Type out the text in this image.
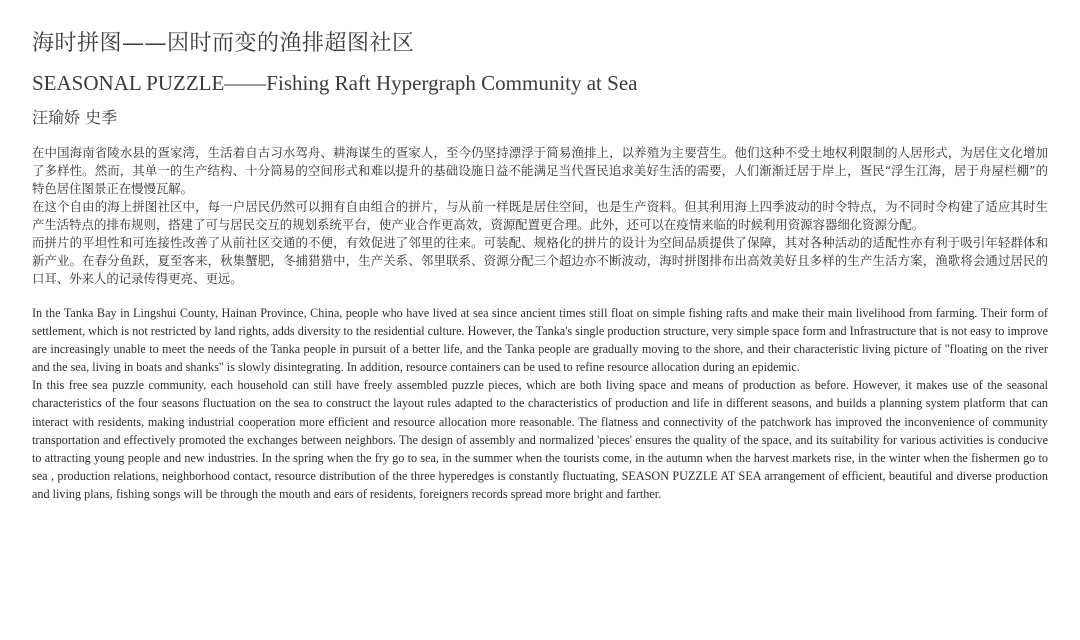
海时拼图——因时而变的渔排超图社区
SEASONAL PUZZLE——Fishing Raft Hypergraph Community at Sea
汪瑜娇 史季

在中国海南省陵水县的疍家湾，生活着自古习水驾舟、耕海谋生的疍家人，至今仍坚持漂浮于简易渔排上，以养殖为主要营生。他们这种不受土地权利限制的人居形式，为居住文化增加了多样性。然而，其单一的生产结构、十分简易的空间形式和难以提升的基础设施日益不能满足当代疍民追求美好生活的需要，人们渐渐迁居于岸上，疍民“浮生江海，居于舟屋栏棚”的特色居住图景正在慢慢瓦解。

在这个自由的海上拼图社区中，每一户居民仍然可以拥有自由组合的拼片，与从前一样既是居住空间，也是生产资料。但其利用海上四季波动的时令特点，为不同时令构建了适应其时生产生活特点的排布规则，搭建了可与居民交互的规划系统平台，使产业合作更高效，资源配置更合理。此外，还可以在疫情来临的时候利用资源容器细化资源分配。

而拼片的平坦性和可连接性改善了从前社区交通的不便，有效促进了邻里的往来。可装配、规格化的拼片的设计为空间品质提供了保障，其对各种活动的适配性亦有利于吸引年轻群体和新产业。在春分鱼跃，夏至客来，秋集蟹肥，冬捕猎猎中，生产关系、邻里联系、资源分配三个超边亦不断波动，海时拼图排布出高效美好且多样的生产生活方案，渔歌将会通过居民的口耳、外来人的记录传得更亮、更远。

In the Tanka Bay in Lingshui County, Hainan Province, China, people who have lived at sea since ancient times still float on simple fishing rafts and make their main livelihood from farming. Their form of settlement, which is not restricted by land rights, adds diversity to the residential culture. However, the Tanka's single production structure, very simple space form and Infrastructure that is not easy to improve are increasingly unable to meet the needs of the Tanka people in pursuit of a better life, and the Tanka people are gradually moving to the shore, and their characteristic living picture of "floating on the river and the sea, living in boats and shanks" is slowly disintegrating. In addition, resource containers can be used to refine resource allocation during an epidemic.

In this free sea puzzle community, each household can still have freely assembled puzzle pieces, which are both living space and means of production as before. However, it makes use of the seasonal characteristics of the four seasons fluctuation on the sea to construct the layout rules adapted to the characteristics of production and life in different seasons, and builds a planning system platform that can interact with residents, making industrial cooperation more efficient and resource allocation more reasonable. The flatness and connectivity of the patchwork has improved the inconvenience of community transportation and effectively promoted the exchanges between neighbors. The design of assembly and normalized 'pieces' ensures the quality of the space, and its suitability for various activities is conducive to attracting young people and new industries. In the spring when the fry go to sea, in the summer when the tourists come, in the autumn when the harvest markets rise, in the winter when the fishermen go to sea , production relations, neighborhood contact, resource distribution of the three hyperedges is constantly fluctuating, SEASON PUZZLE AT SEA arrangement of efficient, beautiful and diverse production and living plans, fishing songs will be through the mouth and ears of residents, foreigners records spread more bright and farther.
